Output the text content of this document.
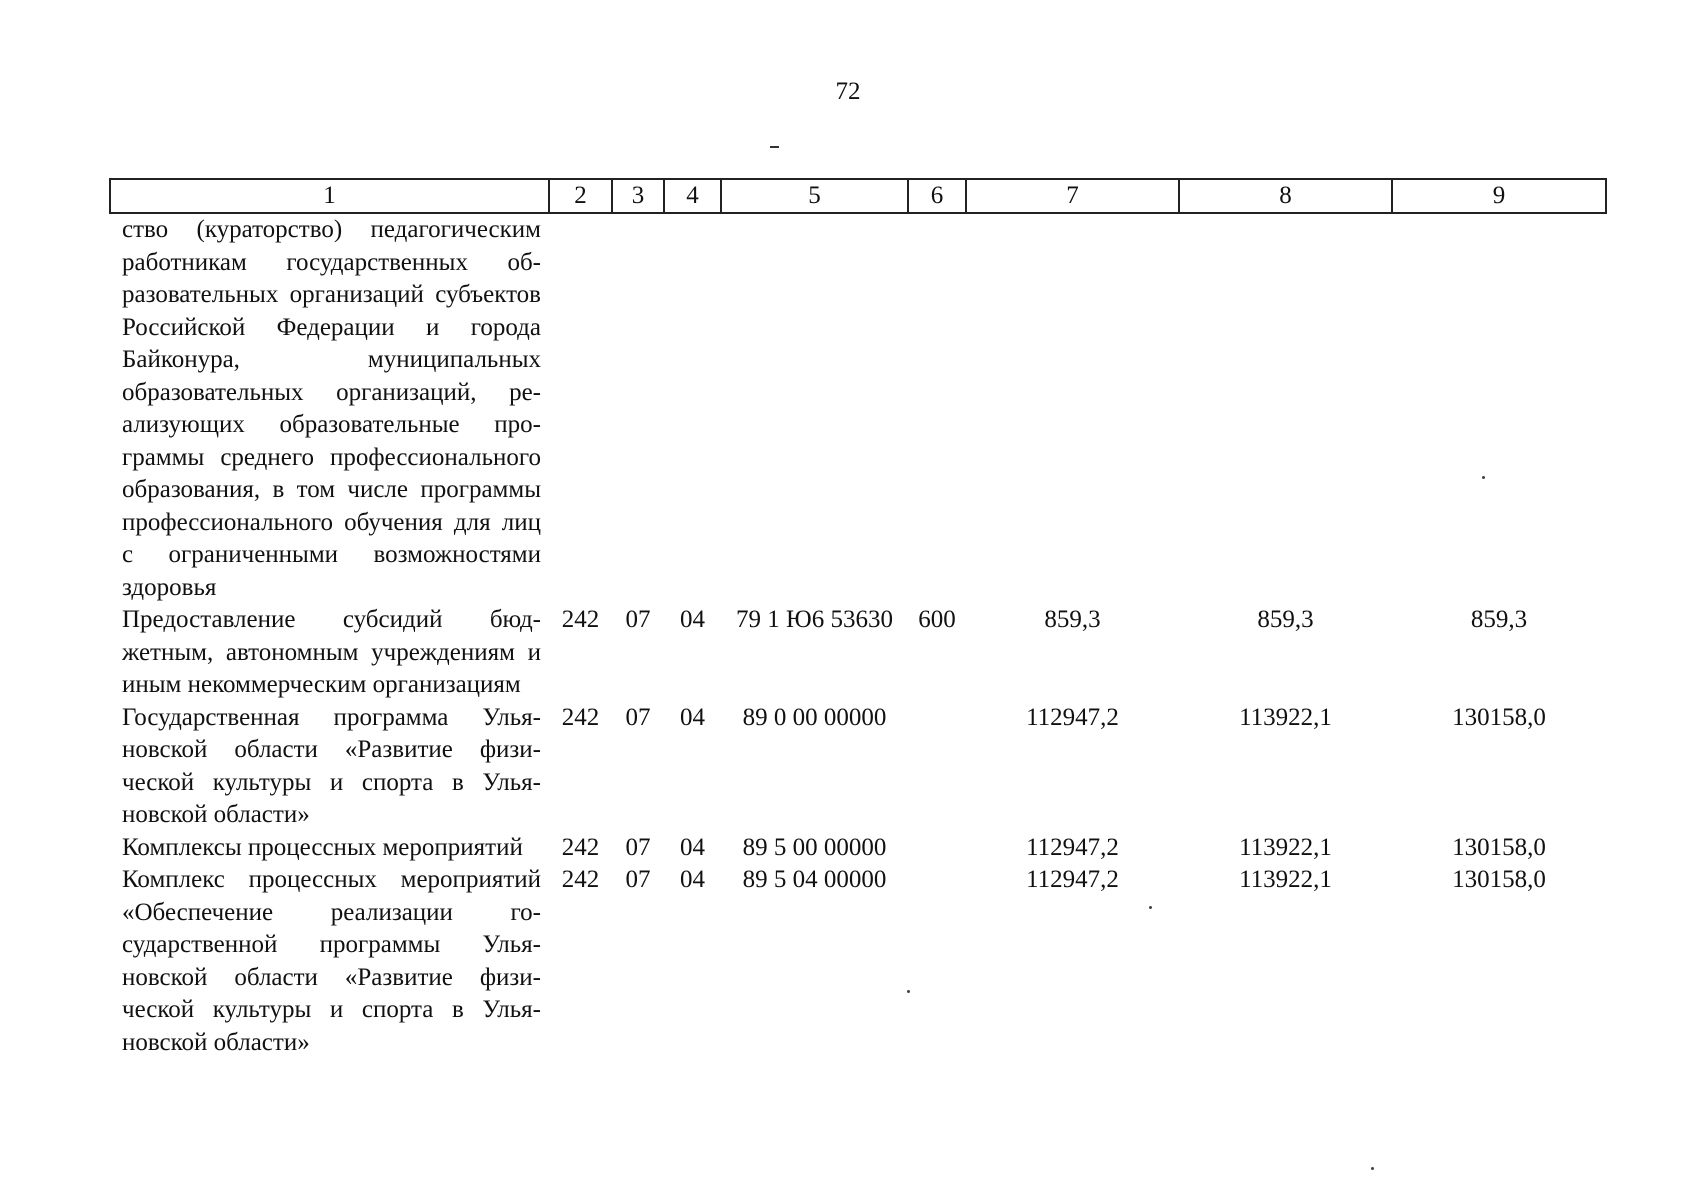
72
1	2	3	4	5	6	7	8	9
ство (кураторство) педагогическим работникам государственных образовательных организаций субъектов Российской Федерации и города Байконура, муниципальных образовательных организаций, реализующих образовательные программы среднего профессионального образования, в том числе программы профессионального обучения для лиц с ограниченными возможностями здоровья								
Предоставление субсидий бюджетным, автономным учреждениям и иным некоммерческим организациям	242	07	04	79 1 Ю6 53630	600	859,3	859,3	859,3
Государственная программа Ульяновской области «Развитие физической культуры и спорта в Ульяновской области»	242	07	04	89 0 00 00000		112947,2	113922,1	130158,0
Комплексы процессных мероприятий	242	07	04	89 5 00 00000		112947,2	113922,1	130158,0
Комплекс процессных мероприятий «Обеспечение реализации государственной программы Ульяновской области «Развитие физической культуры и спорта в Ульяновской области»	242	07	04	89 5 04 00000		112947,2	113922,1	130158,0
